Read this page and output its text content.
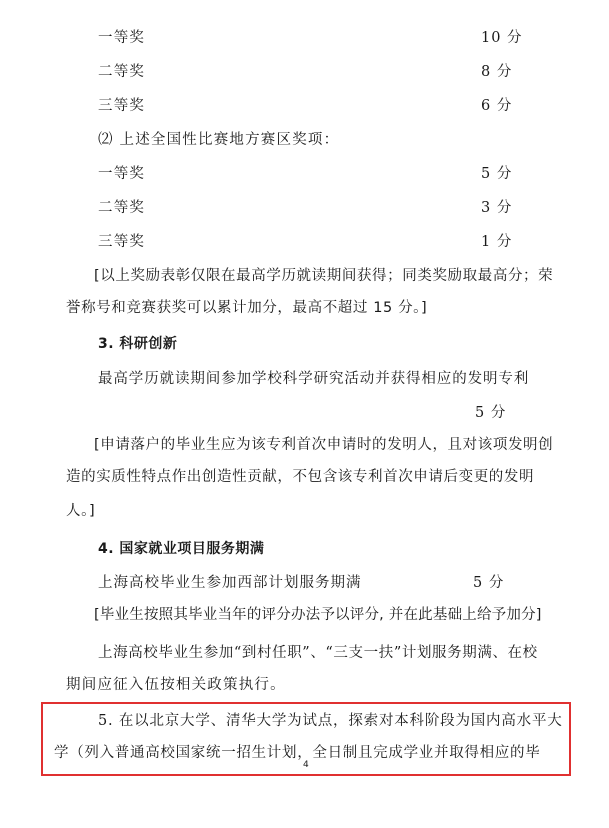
一等奖	10 分
二等奖	8 分
三等奖	6 分
⑵ 上述全国性比赛地方赛区奖项：
一等奖	5 分
二等奖	3 分
三等奖	1 分
[以上奖励表彰仅限在最高学历就读期间获得；同类奖励取最高分；荣
誉称号和竞赛获奖可以累计加分，最高不超过 15 分。]
3. 科研创新
最高学历就读期间参加学校科学研究活动并获得相应的发明专利
5 分
[申请落户的毕业生应为该专利首次申请时的发明人，且对该项发明创
造的实质性特点作出创造性贡献，不包含该专利首次申请后变更的发明
人。]
4. 国家就业项目服务期满
上海高校毕业生参加西部计划服务期满	5 分
[毕业生按照其毕业当年的评分办法予以评分, 并在此基础上给予加分]
上海高校毕业生参加“到村任职”、“三支一扶”计划服务期满、在校
期间应征入伍按相关政策执行。
5. 在以北京大学、清华大学为试点，探索对本科阶段为国内高水平大
学（列入普通高校国家统一招生计划，全日制且完成学业并取得相应的毕
4
